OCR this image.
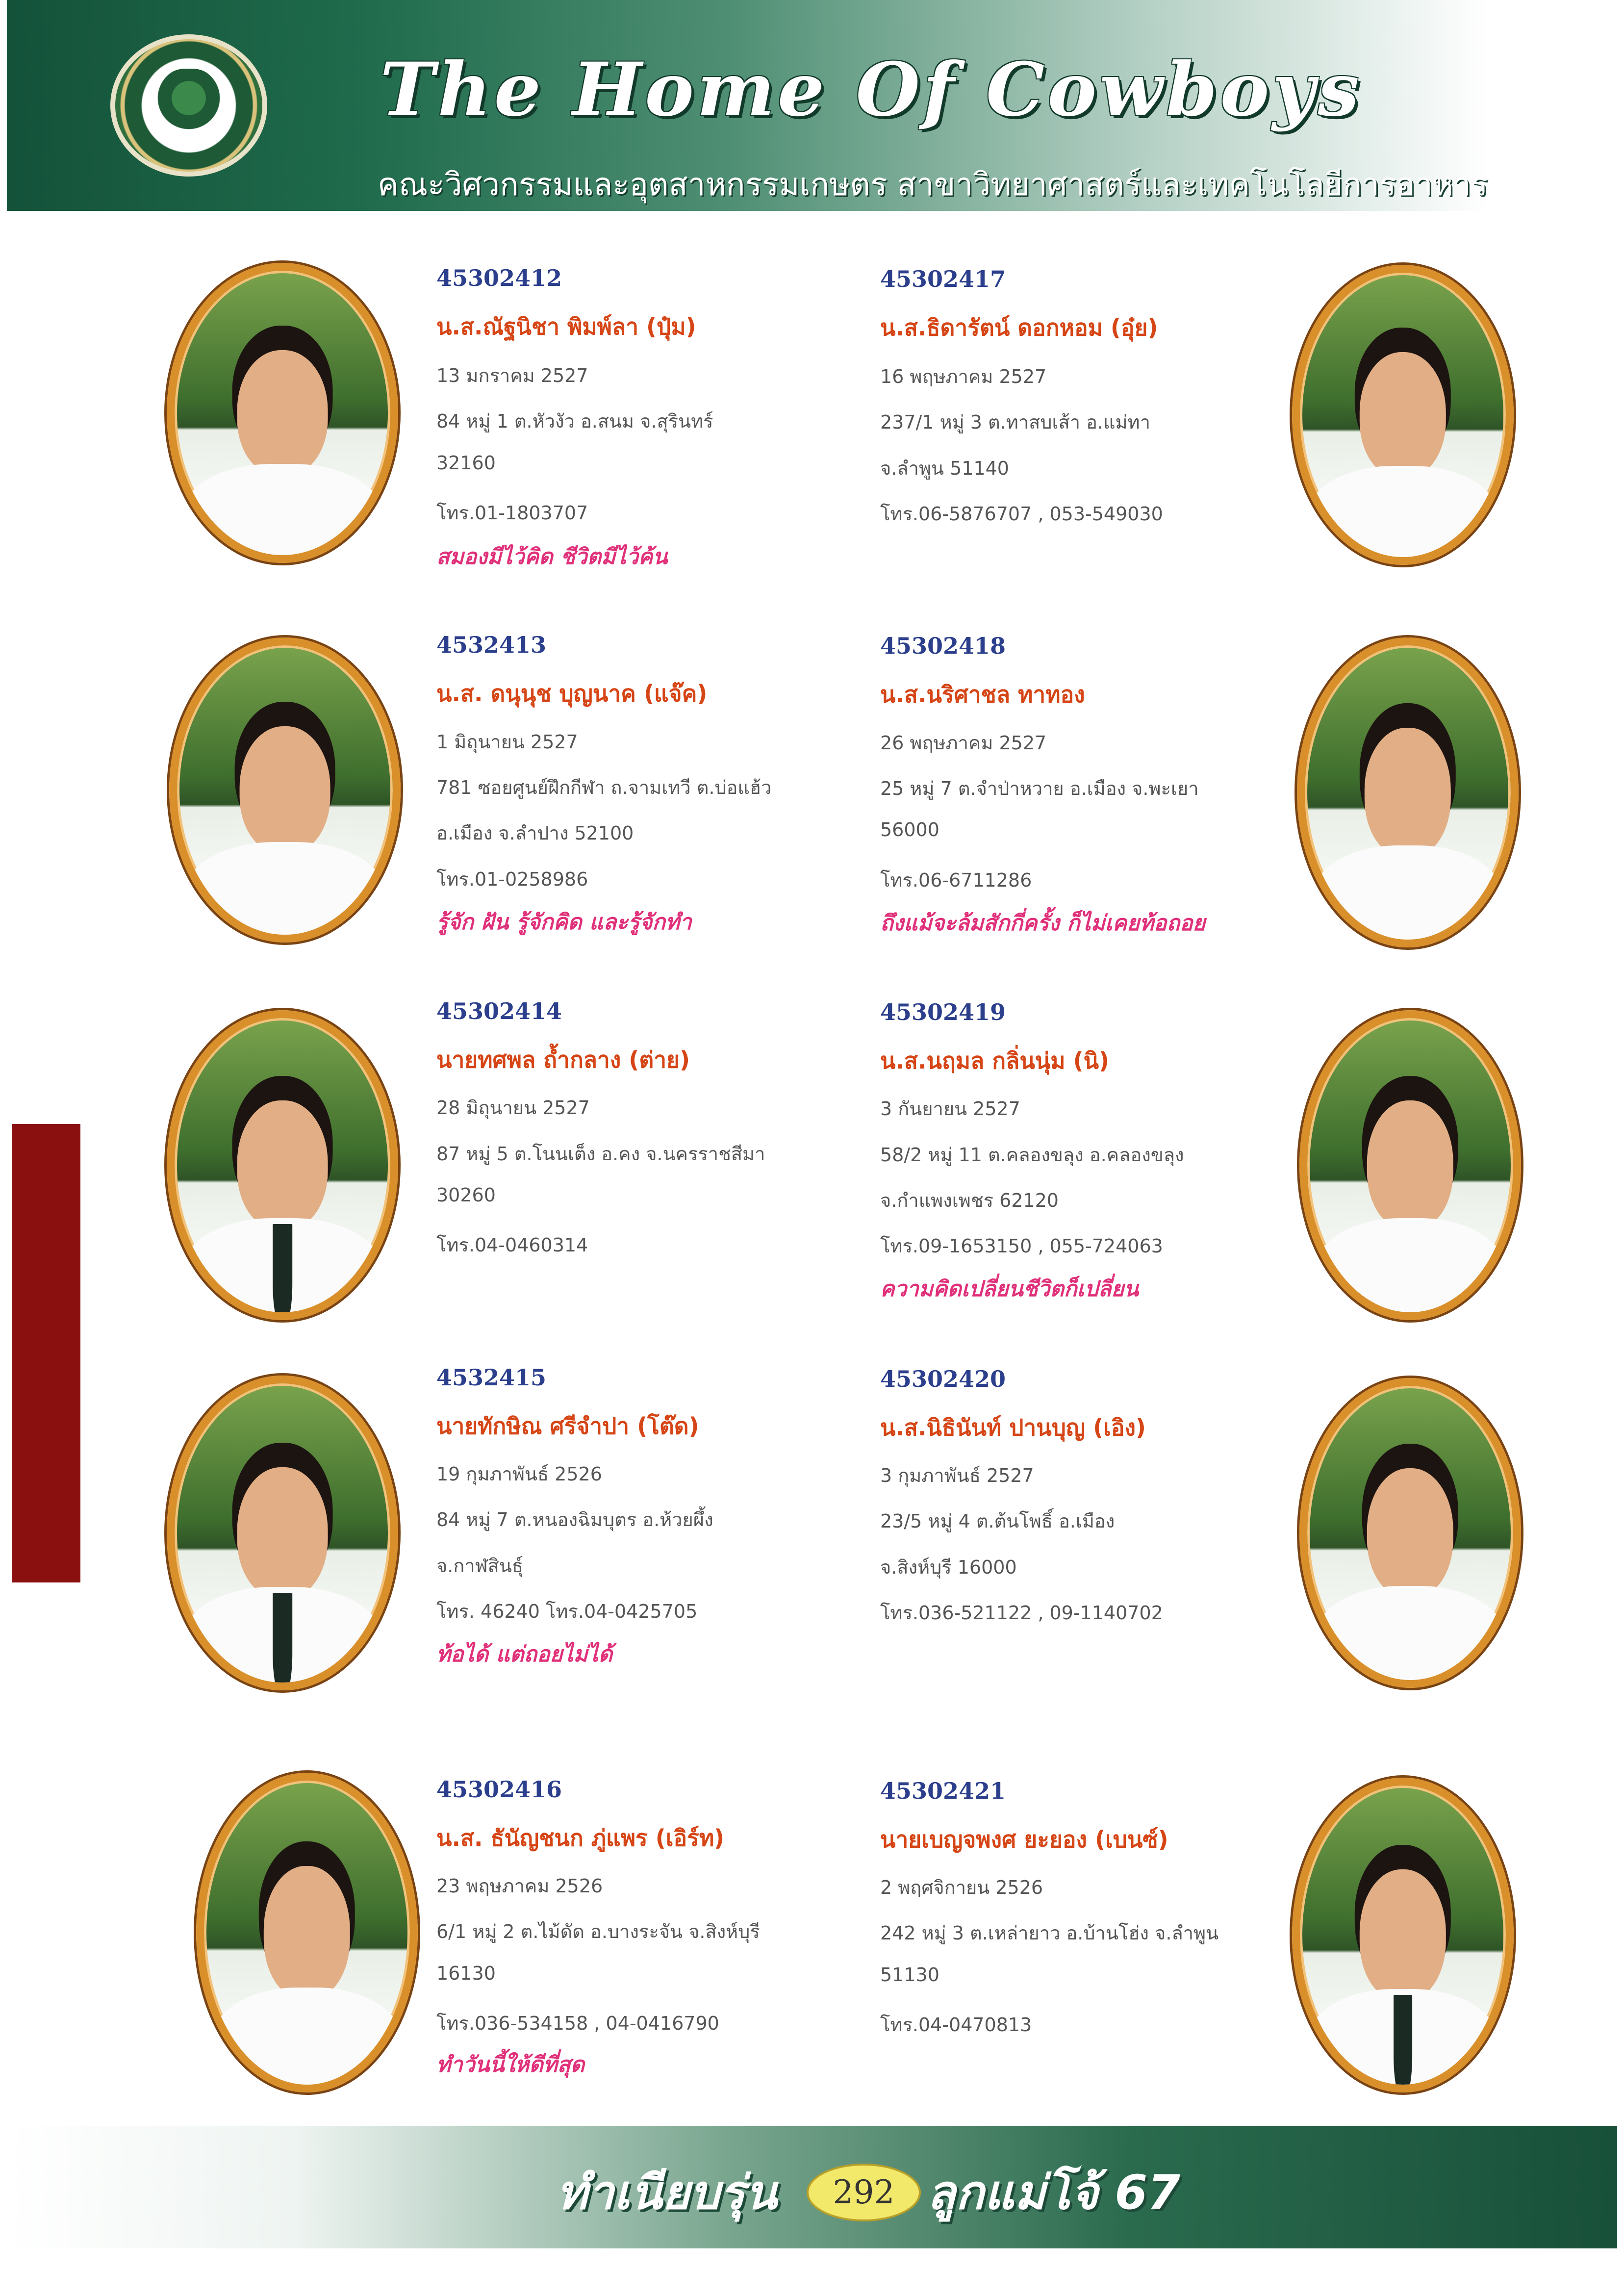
The Home Of Cowboys
คณะวิศวกรรมและอุตสาหกรรมเกษตร สาขาวิทยาศาสตร์และเทคโนโลยีการอาหาร
45302412
น.ส.ณัฐนิชา พิมพ์ลา (ปุ๋ม)
13 มกราคม 2527
84 หมู่ 1 ต.หัวงัว อ.สนม จ.สุรินทร์
32160
โทร.01-1803707
สมองมีไว้คิด ชีวิตมีไว้ค้น
4532413
น.ส. ดนุนุช บุญนาค (แจ๊ค)
1 มิถุนายน 2527
781 ซอยศูนย์ฝึกกีฬา ถ.จามเทวี ต.บ่อแฮ้ว
อ.เมือง จ.ลำปาง 52100
โทร.01-0258986
รู้จัก ฝัน รู้จักคิด และรู้จักทำ
45302414
นายทศพล ถ้ำกลาง (ต่าย)
28 มิถุนายน 2527
87 หมู่ 5 ต.โนนเต็ง อ.คง จ.นครราชสีมา
30260
โทร.04-0460314
4532415
นายทักษิณ ศรีจำปา (โต๊ด)
19 กุมภาพันธ์ 2526
84 หมู่ 7 ต.หนองฉิมบุตร อ.ห้วยผึ้ง
จ.กาฬสินธุ์
โทร. 46240 โทร.04-0425705
ท้อได้ แต่ถอยไม่ได้
45302416
น.ส. ธันัญชนก ภู่แพร (เอิร์ท)
23 พฤษภาคม 2526
6/1 หมู่ 2 ต.ไม้ดัด อ.บางระจัน จ.สิงห์บุรี
16130
โทร.036-534158 , 04-0416790
ทำวันนี้ให้ดีที่สุด
45302417
น.ส.ธิดารัตน์ ดอกหอม (อุ๋ย)
16 พฤษภาคม 2527
237/1 หมู่ 3 ต.ทาสบเส้า อ.แม่ทา
จ.ลำพูน 51140
โทร.06-5876707 , 053-549030
45302418
น.ส.นริศาชล ทาทอง
26 พฤษภาคม 2527
25 หมู่ 7 ต.จำป่าหวาย อ.เมือง จ.พะเยา
56000
โทร.06-6711286
ถึงแม้จะล้มสักกี่ครั้ง ก็ไม่เคยท้อถอย
45302419
น.ส.นฤมล กลิ่นนุ่ม (นิ)
3 กันยายน 2527
58/2 หมู่ 11 ต.คลองขลุง อ.คลองขลุง
จ.กำแพงเพชร 62120
โทร.09-1653150 , 055-724063
ความคิดเปลี่ยนชีวิตก็เปลี่ยน
45302420
น.ส.นิธินันท์ ปานบุญ (เอิง)
3 กุมภาพันธ์ 2527
23/5 หมู่ 4 ต.ต้นโพธิ์ อ.เมือง
จ.สิงห์บุรี 16000
โทร.036-521122 , 09-1140702
45302421
นายเบญจพงศ ยะยอง (เบนซ์)
2 พฤศจิกายน 2526
242 หมู่ 3 ต.เหล่ายาว อ.บ้านโฮ่ง จ.ลำพูน
51130
โทร.04-0470813
ทำเนียบรุ่น	292 ลูกแม่โจ้ 67
